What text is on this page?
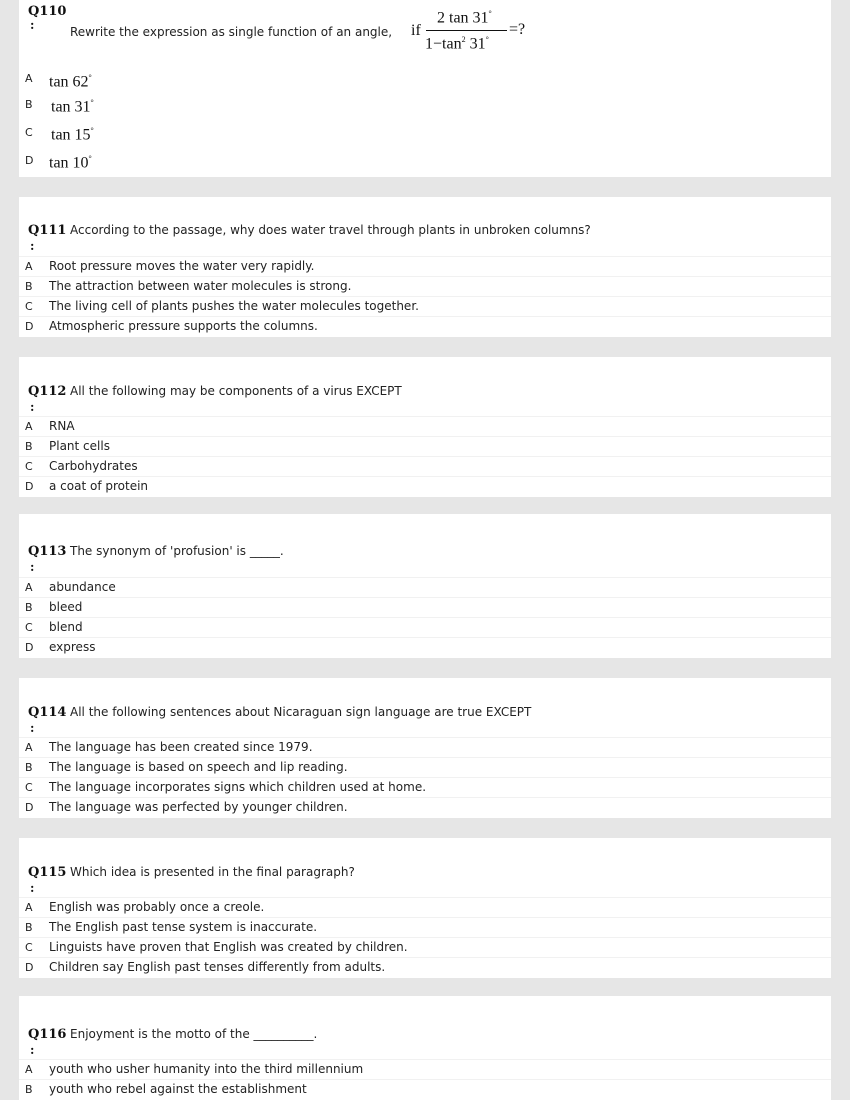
Q110
:	Rewrite the expression as single function of an angle, if
2 tan 31°
$1-\tan^2$ 31°
=?
A tan 62°
B tan 31°
C tan 15°
D tan 10°
Q111 According to the passage, why does water travel through plants in unbroken columns?
:
A Root pressure moves the water very rapidly.
B The attraction between water molecules is strong.
C The living cell of plants pushes the water molecules together.
D Atmospheric pressure supports the columns.
Q112 All the following may be components of a virus EXCEPT
:
A RNA
B Plant cells
C Carbohydrates
D a coat of protein
Q113 The synonym of 'profusion' is _____.
:
A abundance
B bleed
C blend
D express
Q114 All the following sentences about Nicaraguan sign language are true EXCEPT
:
A The language has been created since 1979.
B The language is based on speech and lip reading.
C The language incorporates signs which children used at home.
D The language was perfected by younger children.
Q115 Which idea is presented in the final paragraph?
:
A English was probably once a creole.
B The English past tense system is inaccurate.
C Linguists have proven that English was created by children.
D Children say English past tenses differently from adults.
Q116 Enjoyment is the motto of the __________.
:
A youth who usher humanity into the third millennium
B youth who rebel against the establishment
